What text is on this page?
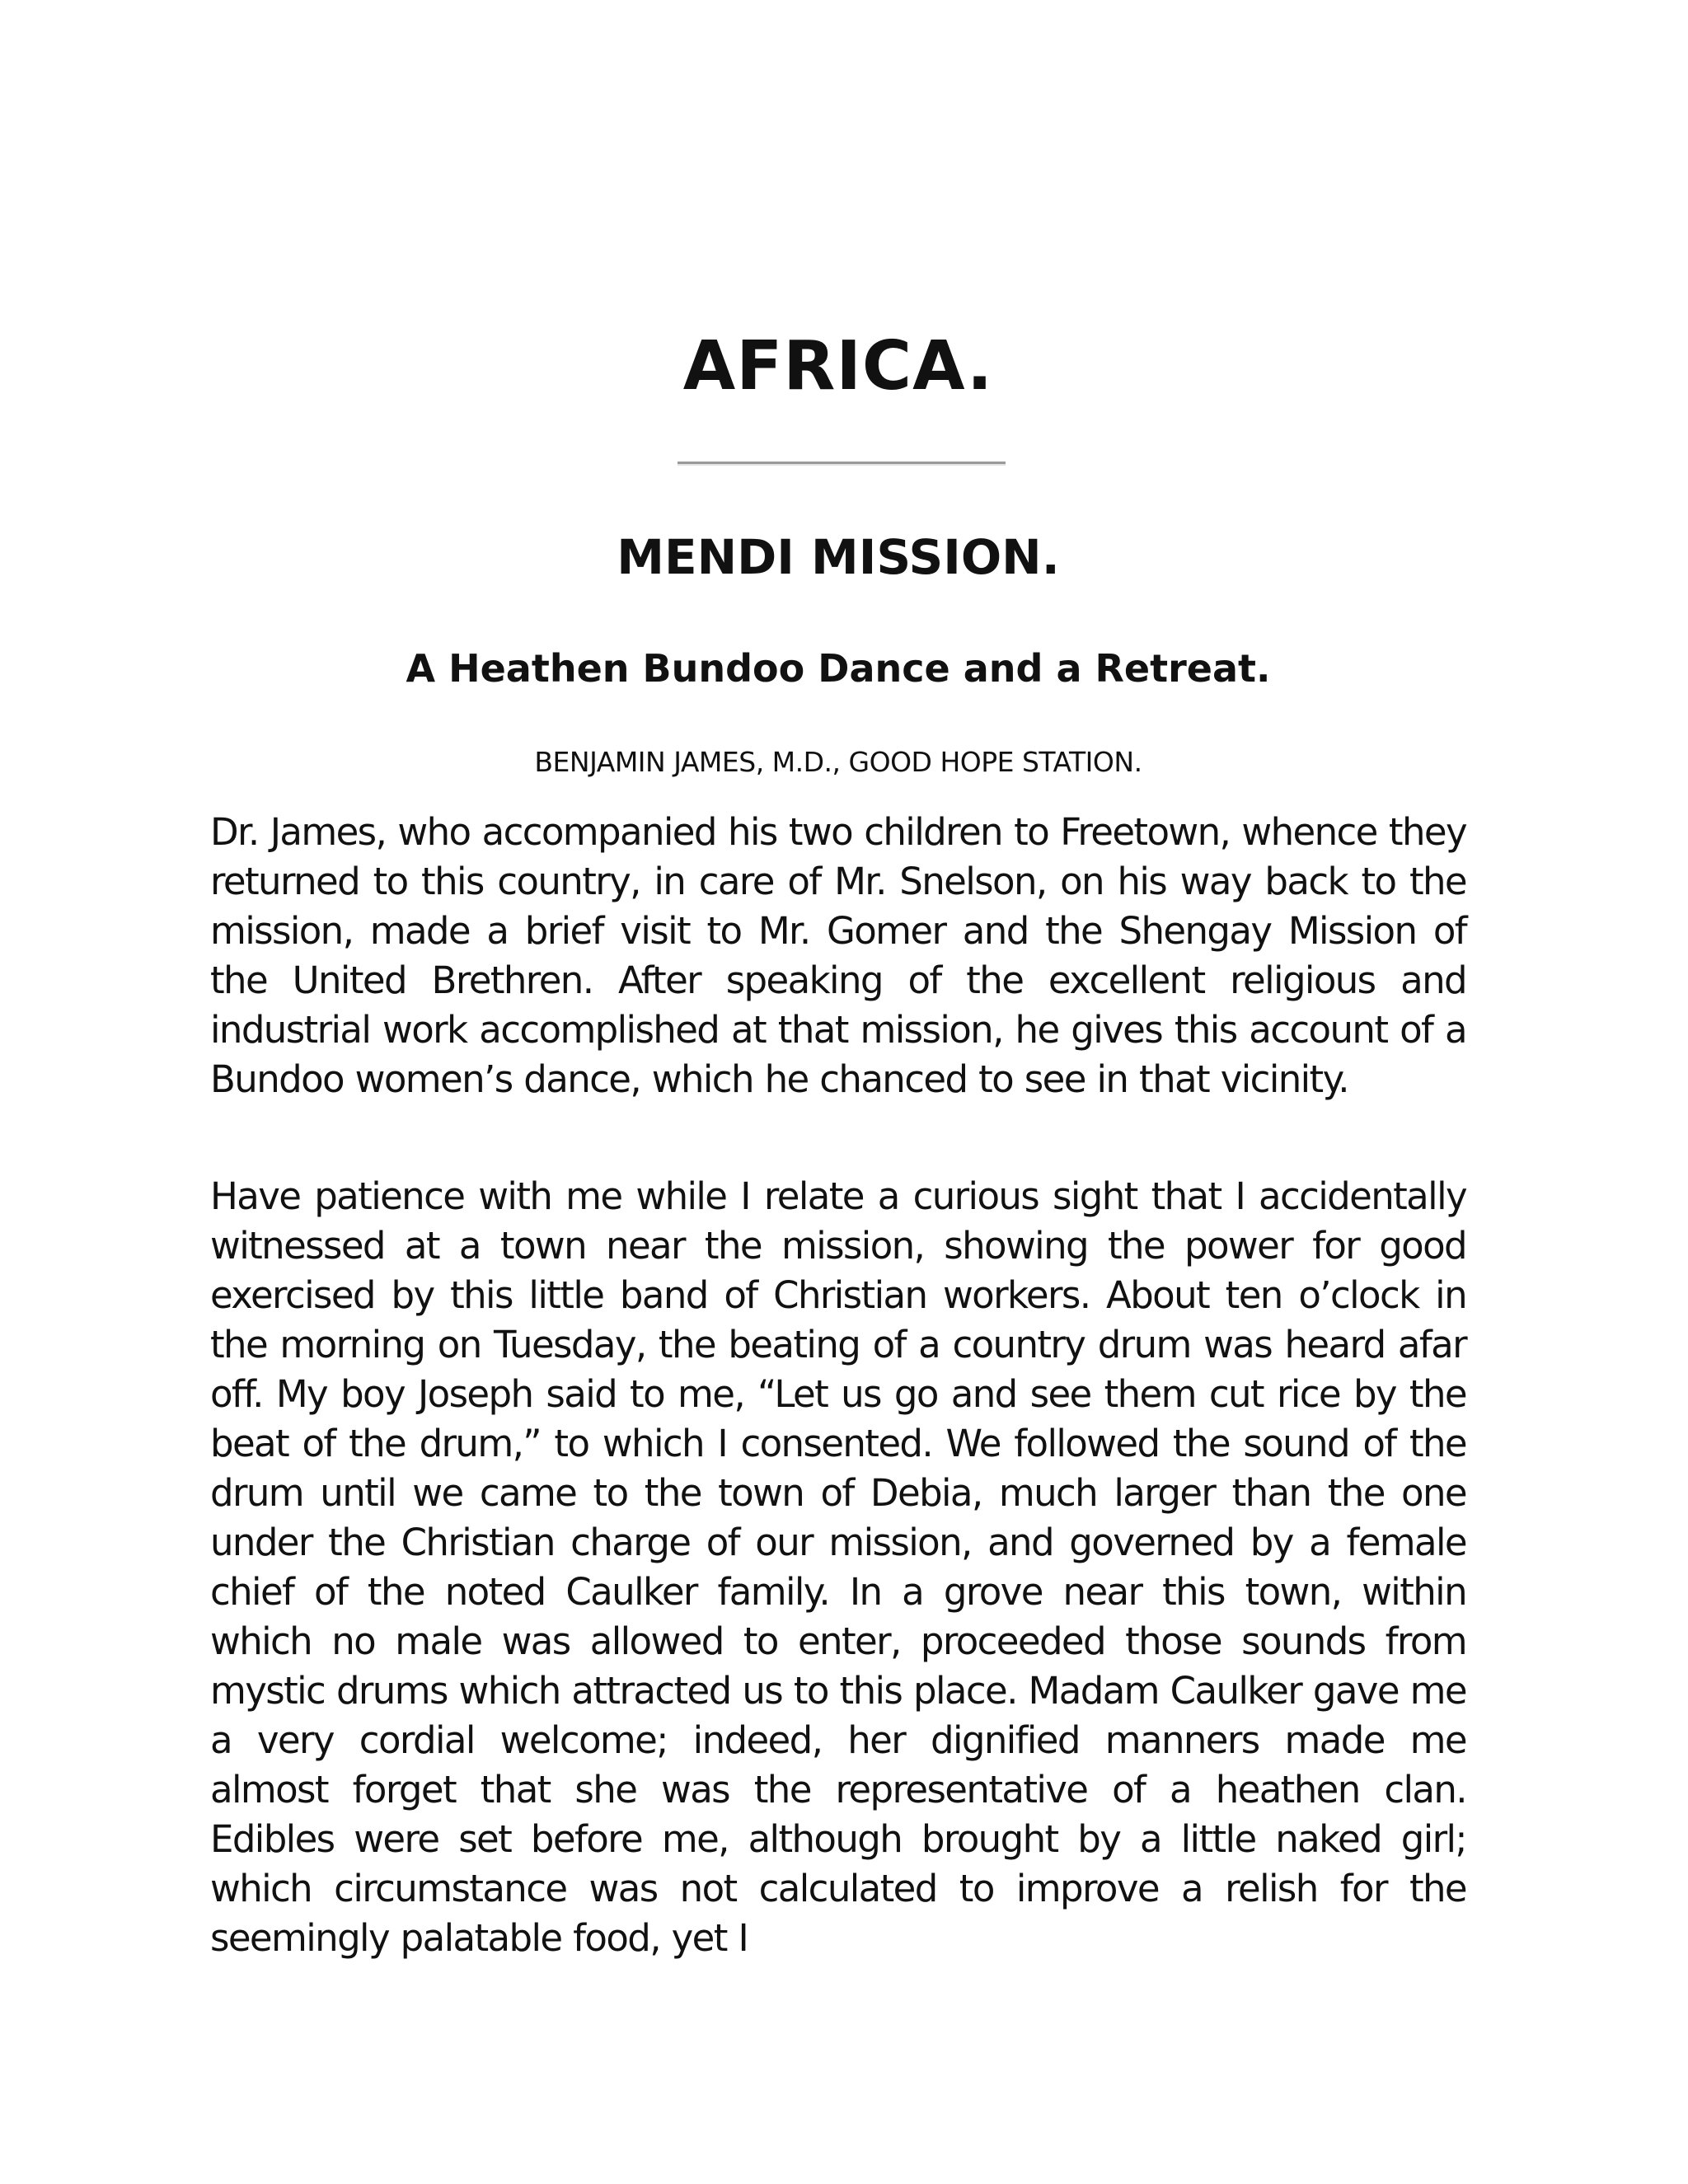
AFRICA.
MENDI MISSION.
A Heathen Bundoo Dance and a Retreat.
BENJAMIN JAMES, M.D., GOOD HOPE STATION.

Dr. James, who accompanied his two children to Freetown, whence they returned to this country, in care of Mr. Snelson, on his way back to the mission, made a brief visit to Mr. Gomer and the Shengay Mission of the United Brethren. After speaking of the excellent religious and industrial work accomplished at that mission, he gives this account of a Bundoo women’s dance, which he chanced to see in that vicinity.

Have patience with me while I relate a curious sight that I accidentally witnessed at a town near the mission, showing the power for good exercised by this little band of Christian workers. About ten o’clock in the morning on Tuesday, the beating of a country drum was heard afar off. My boy Joseph said to me, “Let us go and see them cut rice by the beat of the drum,” to which I consented. We followed the sound of the drum until we came to the town of Debia, much larger than the one under the Christian charge of our mission, and governed by a female chief of the noted Caulker family. In a grove near this town, within which no male was allowed to enter, proceeded those sounds from mystic drums which attracted us to this place. Madam Caulker gave me a very cordial welcome; indeed, her dignified manners made me almost forget that she was the representative of a heathen clan. Edibles were set before me, although brought by a little naked girl; which circumstance was not calculated to improve a relish for the seemingly palatable food, yet I
